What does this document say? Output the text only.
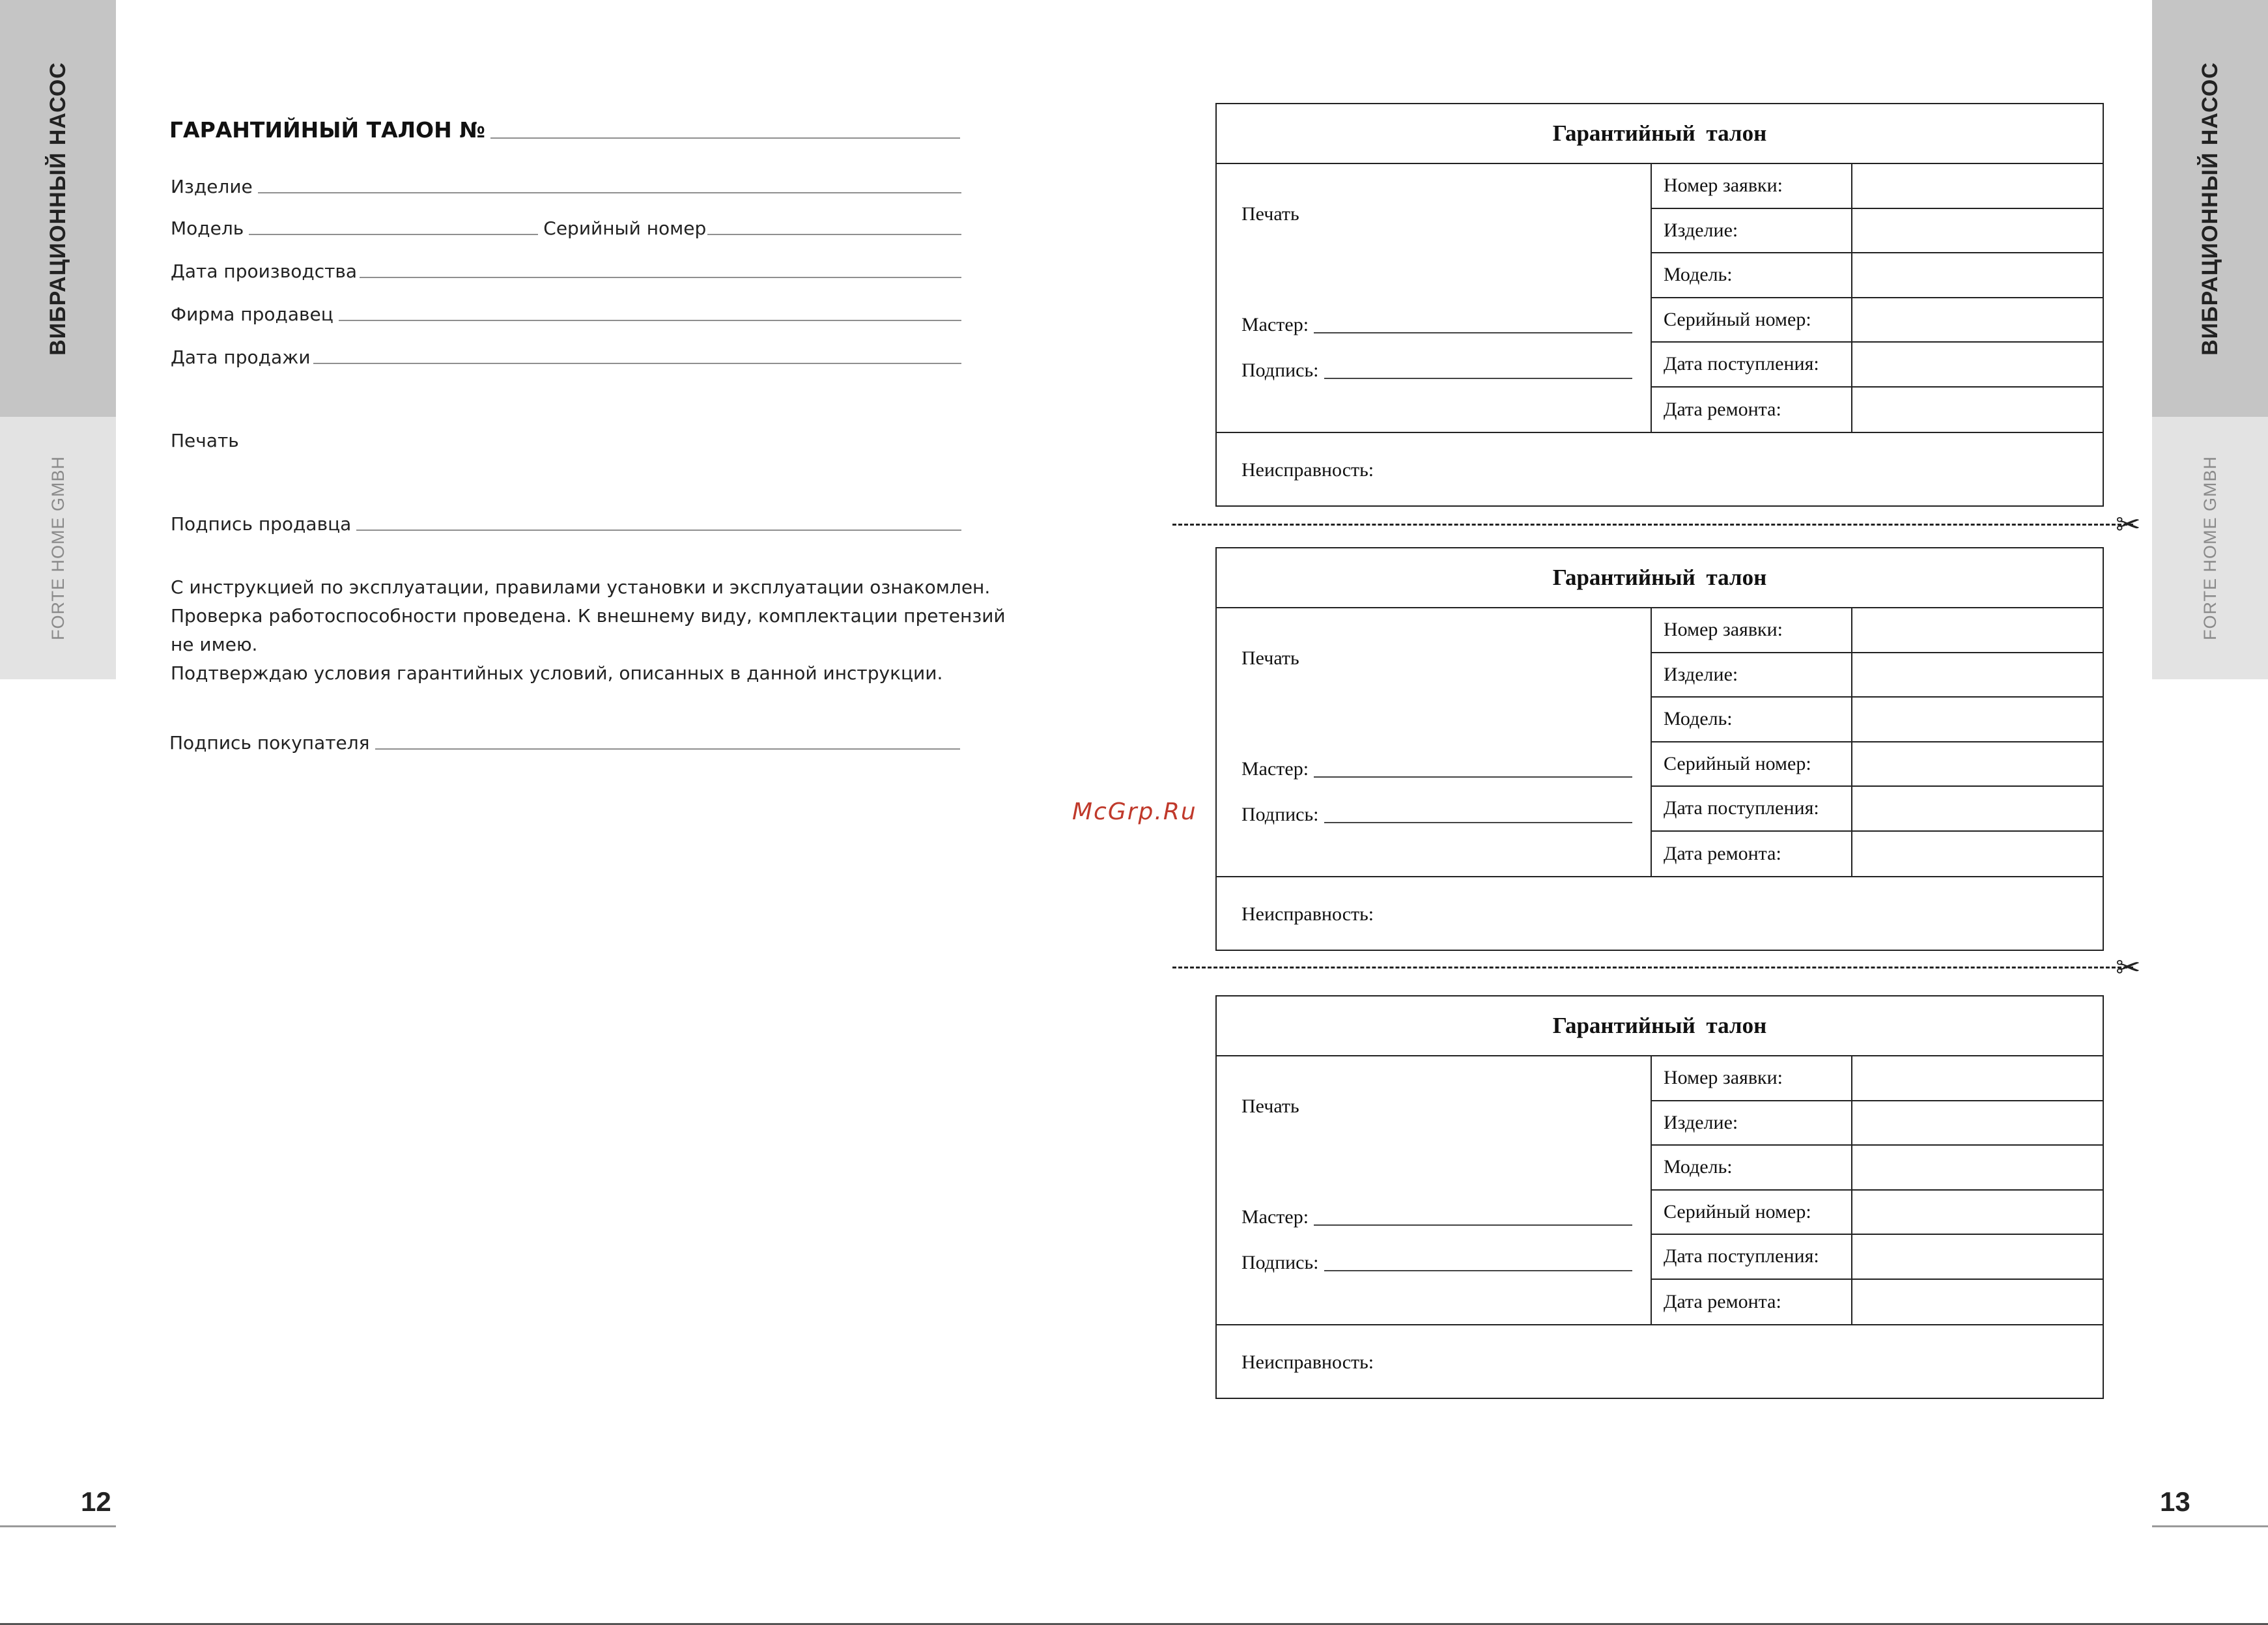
ВИБРАЦИОННЫЙ НАСОС
FORTE HOME GMBH
ВИБРАЦИОННЫЙ НАСОС
FORTE HOME GMBH
12	13
ГАРАНТИЙНЫЙ ТАЛОН №
Изделие
Модель	Серийный номер
Дата производства
Фирма продавец
Дата продажи
Печать
Подпись продавца
С инструкцией по эксплуатации, правилами установки и эксплуатации ознакомлен.
Проверка работоспособности проведена. К внешнему виду, комплектации претензий
не имею.
Подтверждаю условия гарантийных условий, описанных в данной инструкции.
Подпись покупателя
McGrp.Ru
Гарантийный талон
Печать
Мастер:
Подпись:
Номер заявки:
Изделие:
Модель:
Серийный номер:
Дата поступления:
Дата ремонта:
Неисправность:
✂
Гарантийный талон
Печать
Мастер:
Подпись:
Номер заявки:
Изделие:
Модель:
Серийный номер:
Дата поступления:
Дата ремонта:
Неисправность:
✂
Гарантийный талон
Печать
Мастер:
Подпись:
Номер заявки:
Изделие:
Модель:
Серийный номер:
Дата поступления:
Дата ремонта:
Неисправность:
